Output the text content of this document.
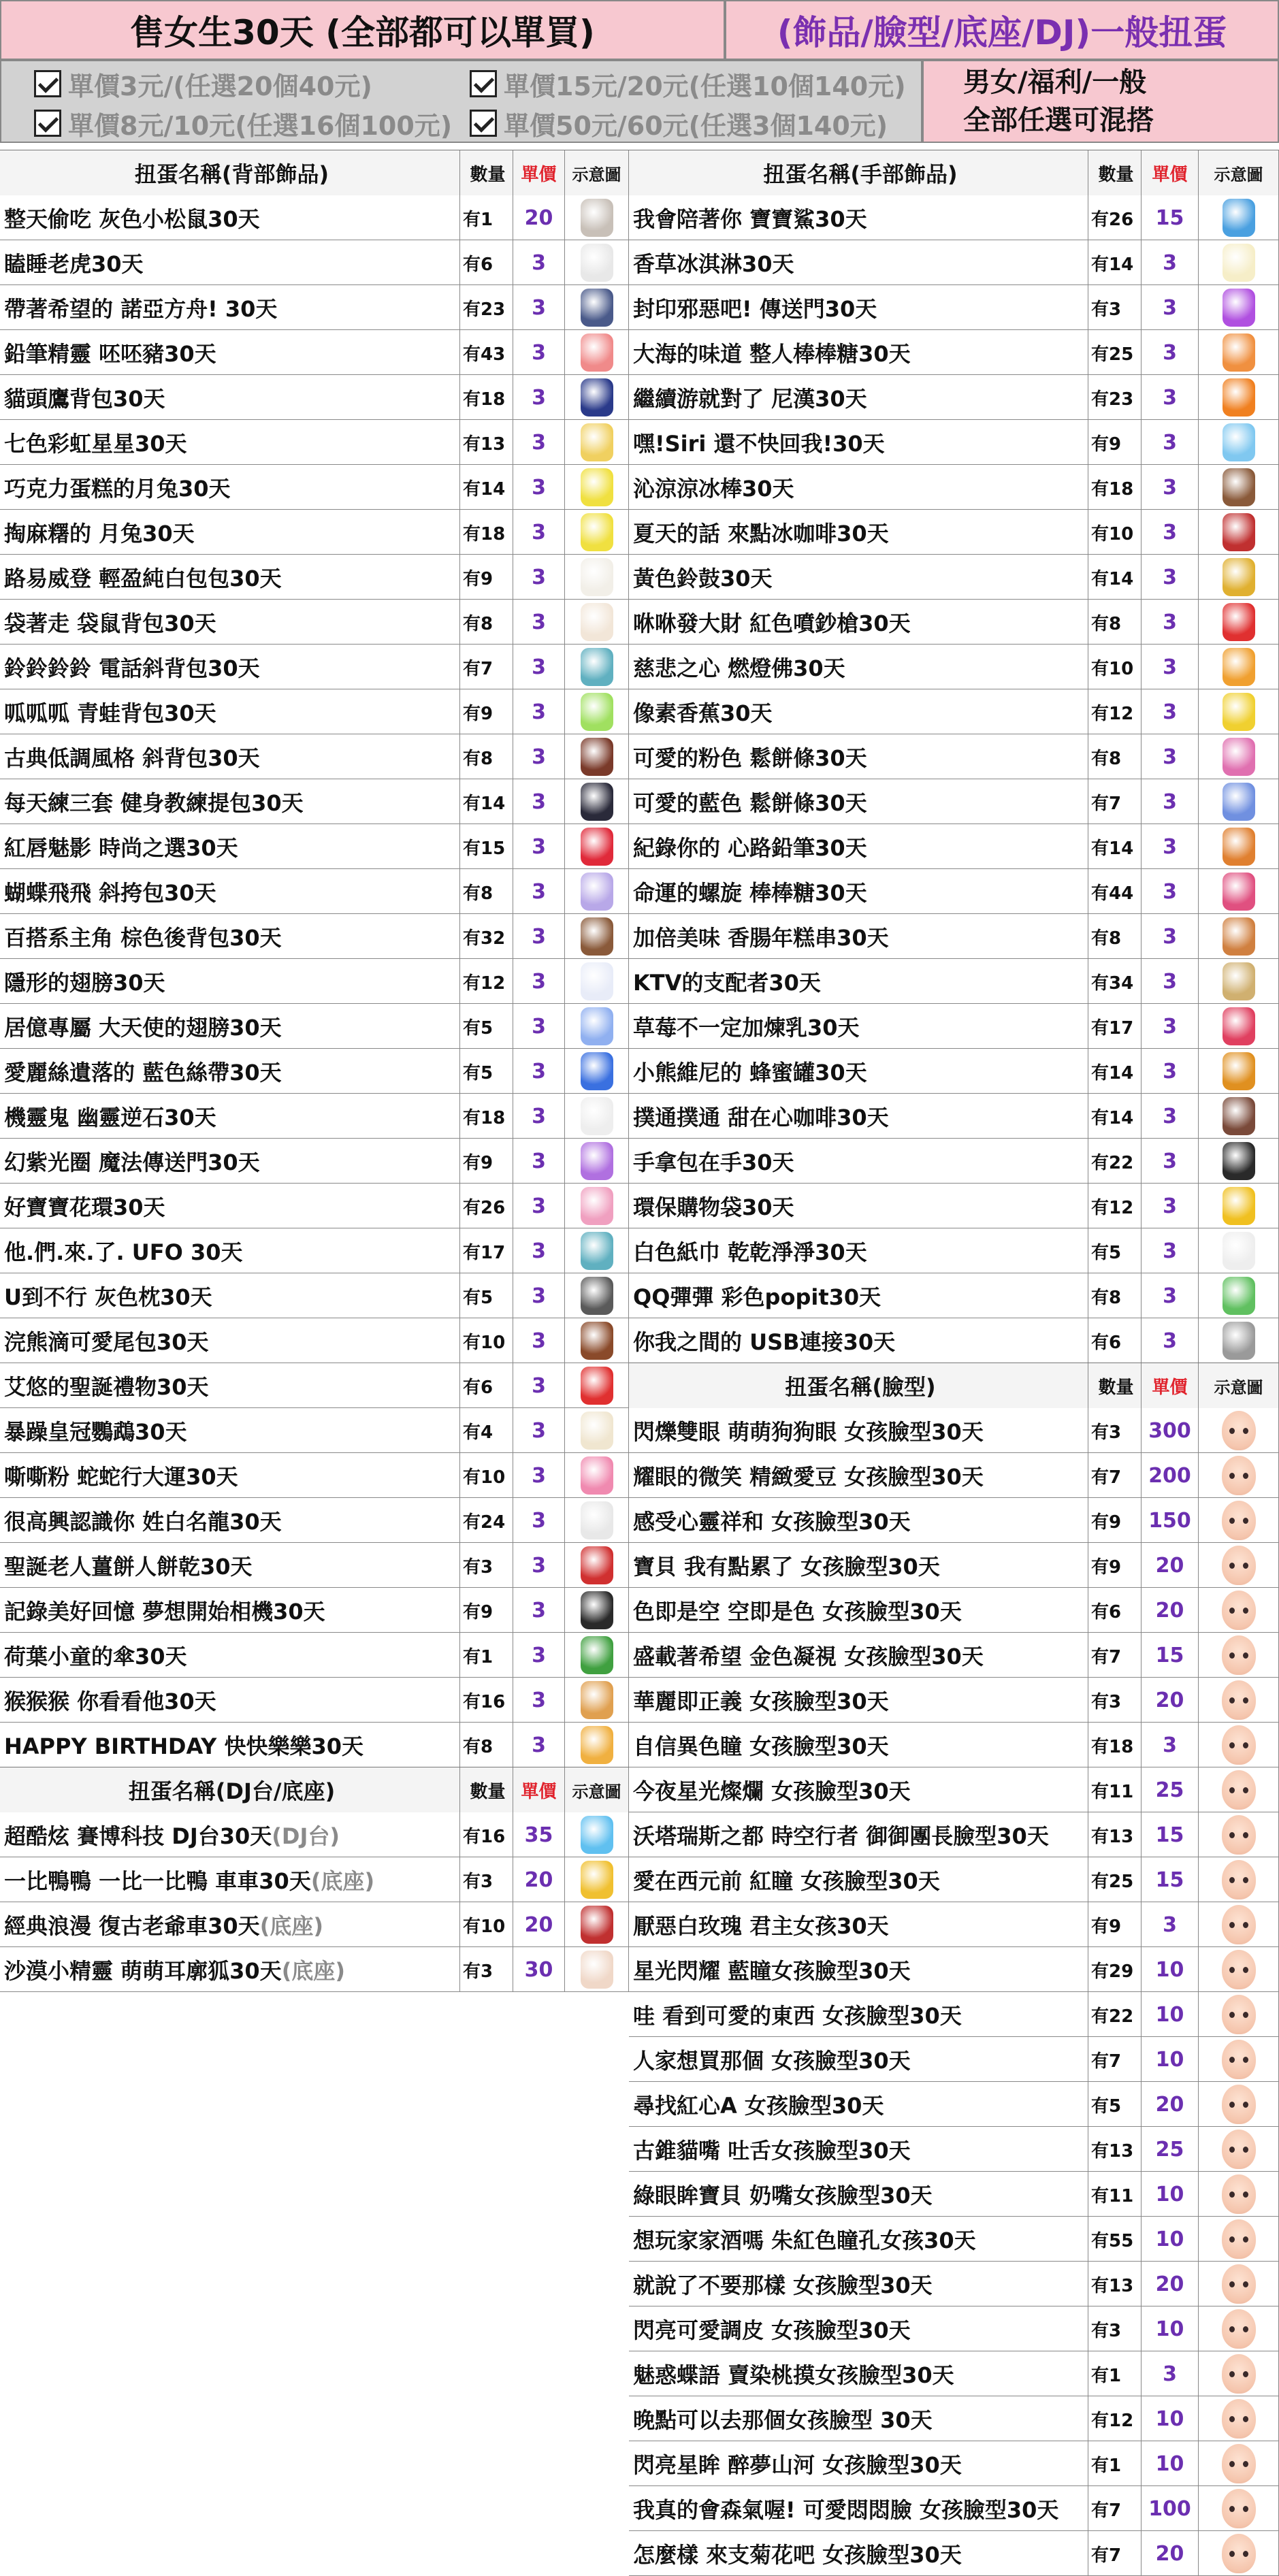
售女生30天 (全部都可以單買)	(飾品/臉型/底座/DJ)一般扭蛋
單價3元/(任選20個40元)	單價15元/20元(任選10個140元)
單價8元/10元(任選16個100元) 單價50元/60元(任選3個140元)
男女/福利/一般
全部任選可混搭
扭蛋名稱(背部飾品)	數量 單價 示意圖
整天偷吃 灰色小松鼠30天	有1	20
瞌睡老虎30天	有6	3
帶著希望的 諾亞方舟! 30天	有23	3
鉛筆精靈 呸呸豬30天	有43	3
貓頭鷹背包30天	有18	3
七色彩虹星星30天	有13	3
巧克力蛋糕的月兔30天	有14	3
掏麻糬的 月兔30天	有18	3
路易威登 輕盈純白包包30天	有9	3
袋著走 袋鼠背包30天	有8	3
鈴鈴鈴鈴 電話斜背包30天	有7	3
呱呱呱 青蛙背包30天	有9	3
古典低調風格 斜背包30天	有8	3
每天練三套 健身教練提包30天	有14	3
紅唇魅影 時尚之選30天	有15	3
蝴蝶飛飛 斜挎包30天	有8	3
百搭系主角 棕色後背包30天	有32	3
隱形的翅膀30天	有12	3
居億專屬 大天使的翅膀30天	有5	3
愛麗絲遺落的 藍色絲帶30天	有5	3
機靈鬼 幽靈逆石30天	有18	3
幻紫光圈 魔法傳送門30天	有9	3
好寶寶花環30天	有26	3
他.們.來.了. UFO 30天	有17	3
U到不行 灰色枕30天	有5	3
浣熊滴可愛尾包30天	有10	3
艾悠的聖誕禮物30天	有6	3
暴躁皇冠鸚鵡30天	有4	3
嘶嘶粉 蛇蛇行大運30天	有10	3
很高興認識你 姓白名龍30天	有24	3
聖誕老人薑餅人餅乾30天	有3	3
記錄美好回憶 夢想開始相機30天	有9	3
荷葉小童的傘30天	有1	3
猴猴猴 你看看他30天	有16	3
HAPPY BIRTHDAY 快快樂樂30天	有8	3
扭蛋名稱(DJ台/底座)	數量 單價 示意圖
超酷炫 賽博科技 DJ台30天 (DJ台)	有16 35
一比鴨鴨 一比一比鴨 車車30天 (底座)	有3	20
經典浪漫 復古老爺車30天 (底座)	有10 20
沙漠小精靈 萌萌耳廓狐30天 (底座)	有3	30
扭蛋名稱(手部飾品)	數量	單價	示意圖
我會陪著你 寶寶鯊30天	有26	15
香草冰淇淋30天	有14	3
封印邪惡吧! 傳送門30天	有3	3
大海的味道 整人棒棒糖30天	有25	3
繼續游就對了 尼漢30天	有23	3
嘿!Siri 還不快回我!30天	有9	3
沁涼涼冰棒30天	有18	3
夏天的話 來點冰咖啡30天	有10	3
黃色鈴鼓30天	有14	3
咻咻發大財 紅色噴鈔槍30天	有8	3
慈悲之心 燃燈佛30天	有10	3
像素香蕉30天	有12	3
可愛的粉色 鬆餅條30天	有8	3
可愛的藍色 鬆餅條30天	有7	3
紀錄你的 心路鉛筆30天	有14	3
命運的螺旋 棒棒糖30天	有44	3
加倍美味 香腸年糕串30天	有8	3
KTV的支配者30天	有34	3
草莓不一定加煉乳30天	有17	3
小熊維尼的 蜂蜜罐30天	有14	3
撲通撲通 甜在心咖啡30天	有14	3
手拿包在手30天	有22	3
環保購物袋30天	有12	3
白色紙巾 乾乾淨淨30天	有5	3
QQ彈彈 彩色popit30天	有8	3
你我之間的 USB連接30天	有6	3
扭蛋名稱(臉型)	數量	單價	示意圖
閃爍雙眼 萌萌狗狗眼 女孩臉型30天	有3	300
耀眼的微笑 精緻愛豆 女孩臉型30天	有7	200
感受心靈祥和 女孩臉型30天	有9	150
寶貝 我有點累了 女孩臉型30天	有9	20
色即是空 空即是色 女孩臉型30天	有6	20
盛載著希望 金色凝視 女孩臉型30天	有7	15
華麗即正義 女孩臉型30天	有3	20
自信異色瞳 女孩臉型30天	有18	3
今夜星光燦爛 女孩臉型30天	有11	25
沃塔瑞斯之都 時空行者 御御團長臉型30天 有13	15
愛在西元前 紅瞳 女孩臉型30天	有25	15
厭惡白玫瑰 君主女孩30天	有9	3
星光閃耀 藍瞳女孩臉型30天	有29	10
哇 看到可愛的東西 女孩臉型30天	有22	10
人家想買那個 女孩臉型30天	有7	10
尋找紅心A 女孩臉型30天	有5	20
古錐貓嘴 吐舌女孩臉型30天	有13	25
綠眼眸寶貝 奶嘴女孩臉型30天	有11	10
想玩家家酒嗎 朱紅色瞳孔女孩30天	有55	10
就說了不要那樣 女孩臉型30天	有13	20
閃亮可愛調皮 女孩臉型30天	有3	10
魅惑蝶語 賣染桃摸女孩臉型30天	有1	3
晚點可以去那個女孩臉型 30天	有12	10
閃亮星眸 醉夢山河 女孩臉型30天	有1	10
我真的會森氣喔! 可愛悶悶臉 女孩臉型30天 有7	100
怎麼樣 來支菊花吧 女孩臉型30天	有7	20
